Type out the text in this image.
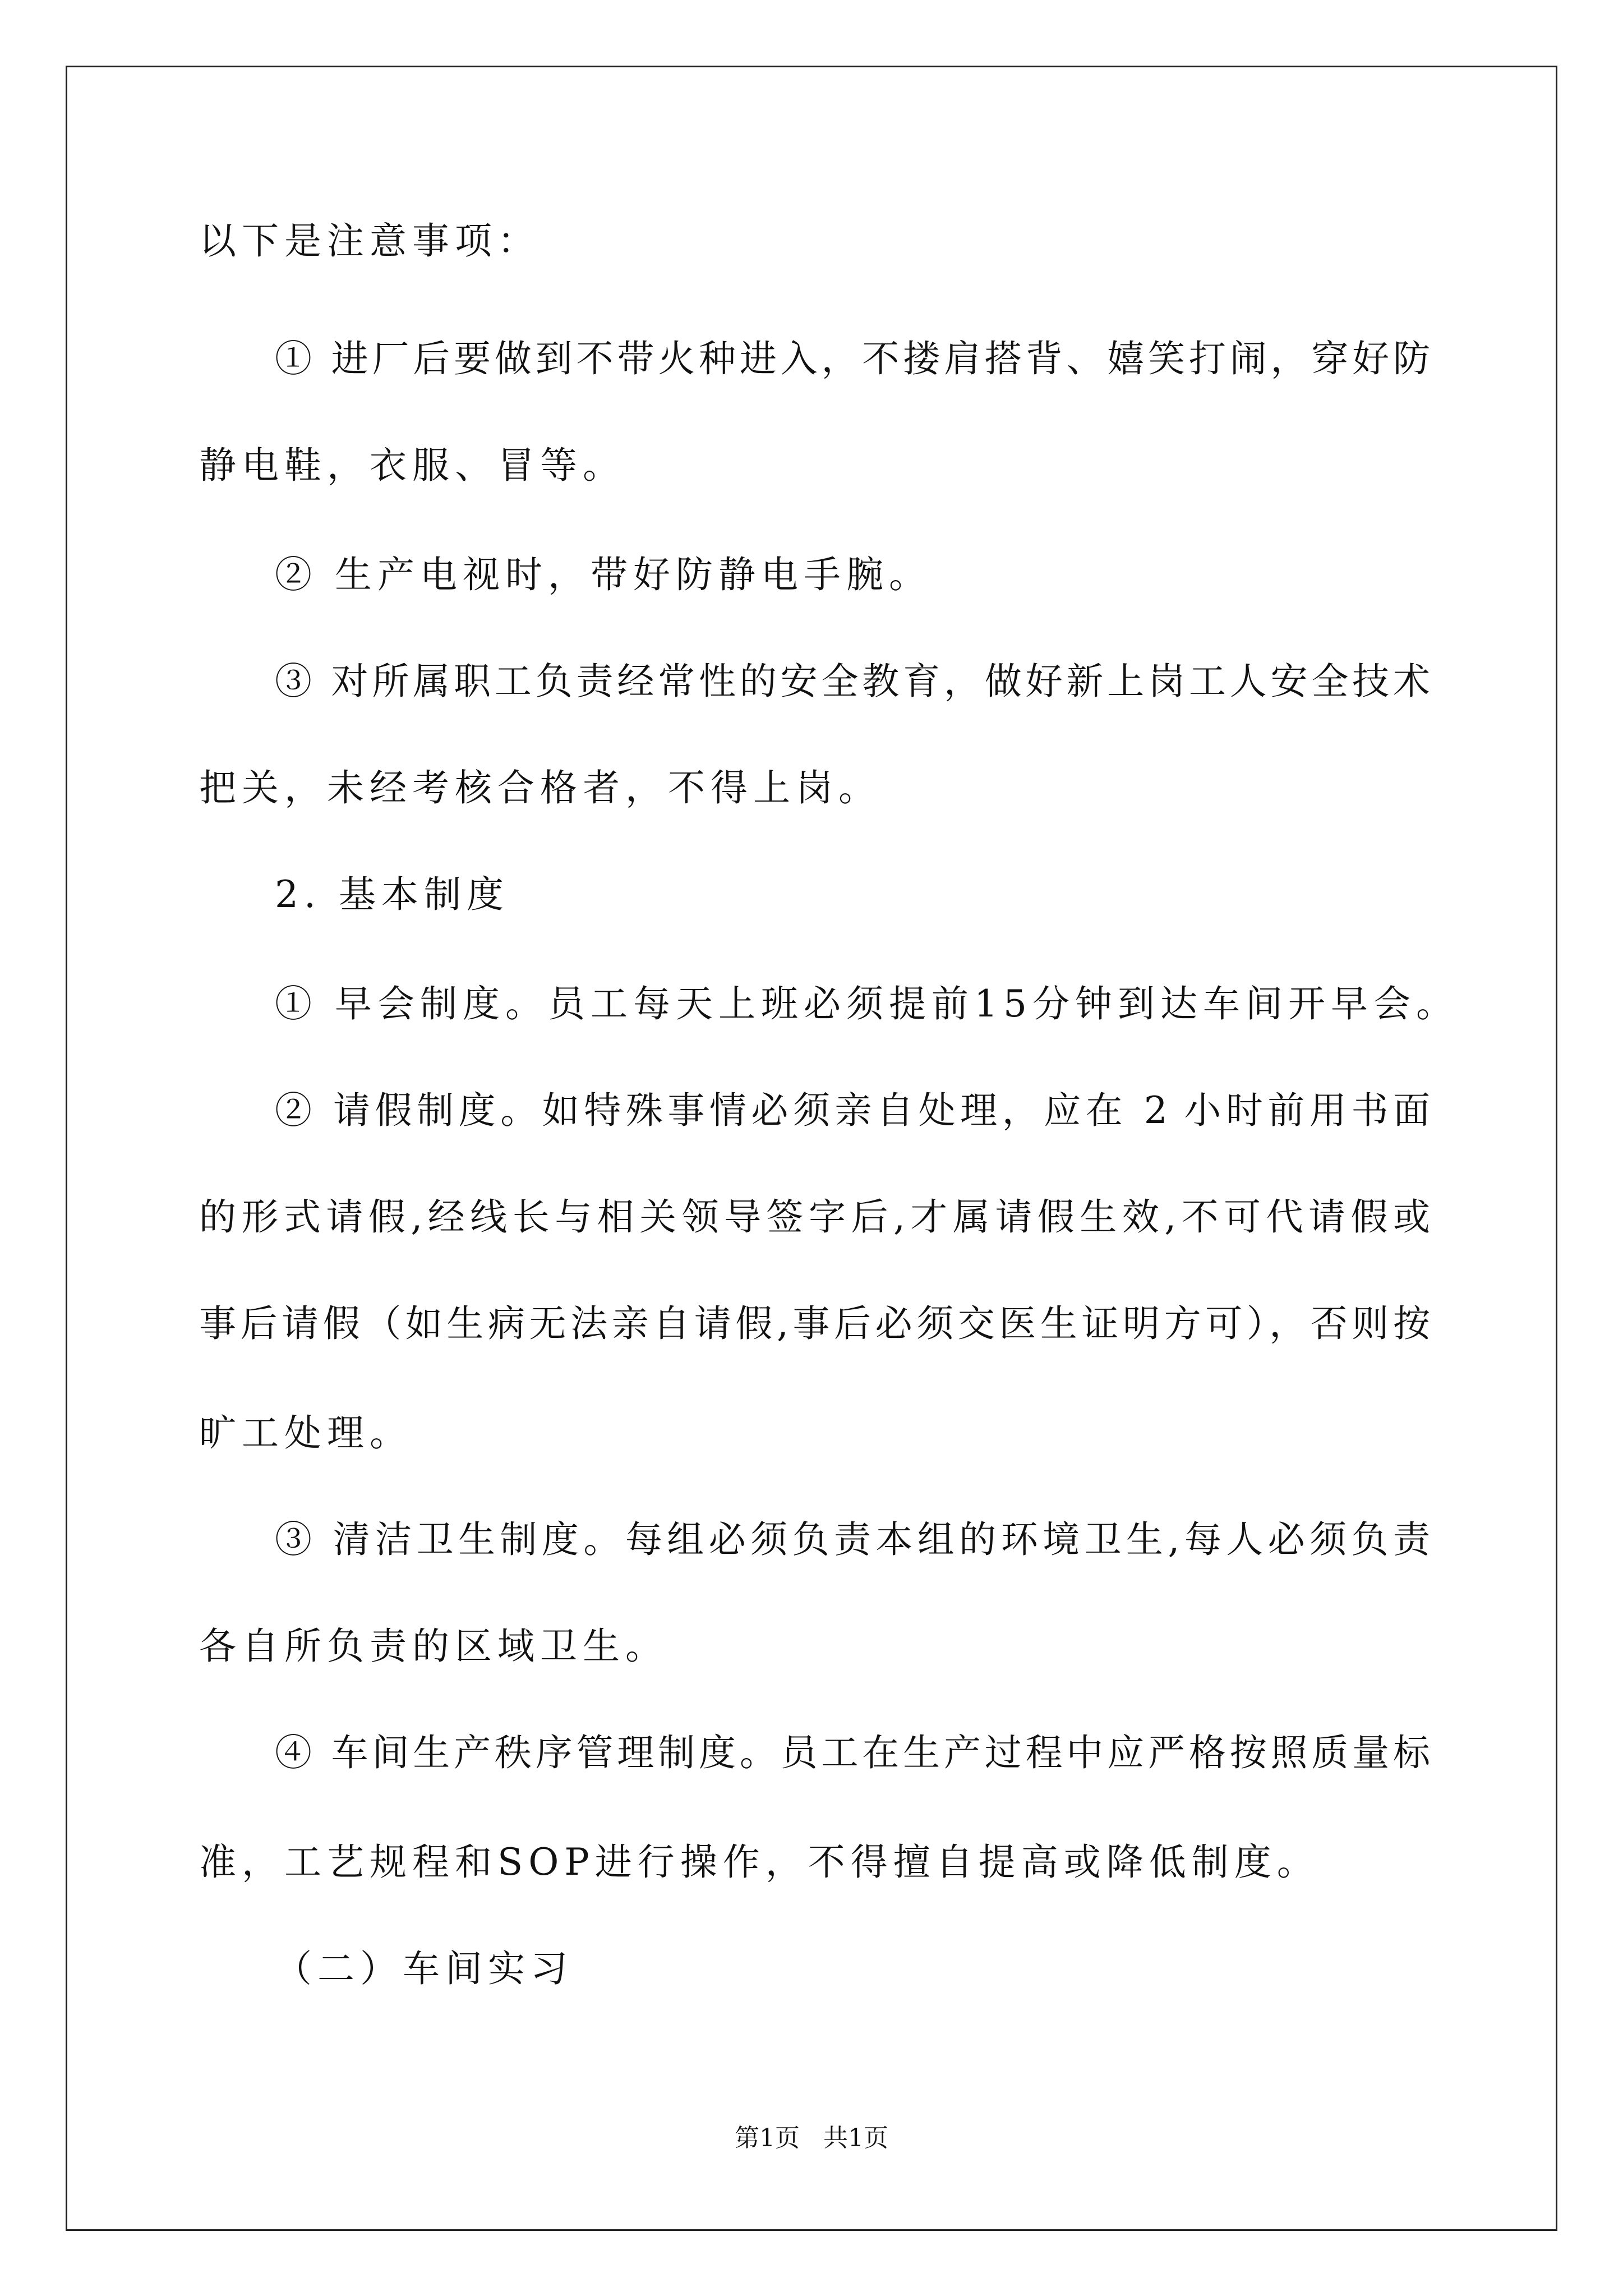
以下是注意事项：
① 进厂后要做到不带火种进入，不搂肩搭背、嬉笑打闹，穿好防
静电鞋，衣服、冒等。
② 生产电视时，带好防静电手腕。
③ 对所属职工负责经常性的安全教育，做好新上岗工人安全技术
把关，未经考核合格者，不得上岗。
2. 基本制度
① 早会制度。员工每天上班必须提前15分钟到达车间开早会。
② 请假制度。如特殊事情必须亲自处理，应在 2 小时前用书面
的形式请假,经线长与相关领导签字后,才属请假生效,不可代请假或
事后请假（如生病无法亲自请假,事后必须交医生证明方可），否则按
旷工处理。
③ 清洁卫生制度。每组必须负责本组的环境卫生,每人必须负责
各自所负责的区域卫生。
④ 车间生产秩序管理制度。员工在生产过程中应严格按照质量标
准，工艺规程和SOP进行操作，不得擅自提高或降低制度。
（二）车间实习
第1页   共1页
